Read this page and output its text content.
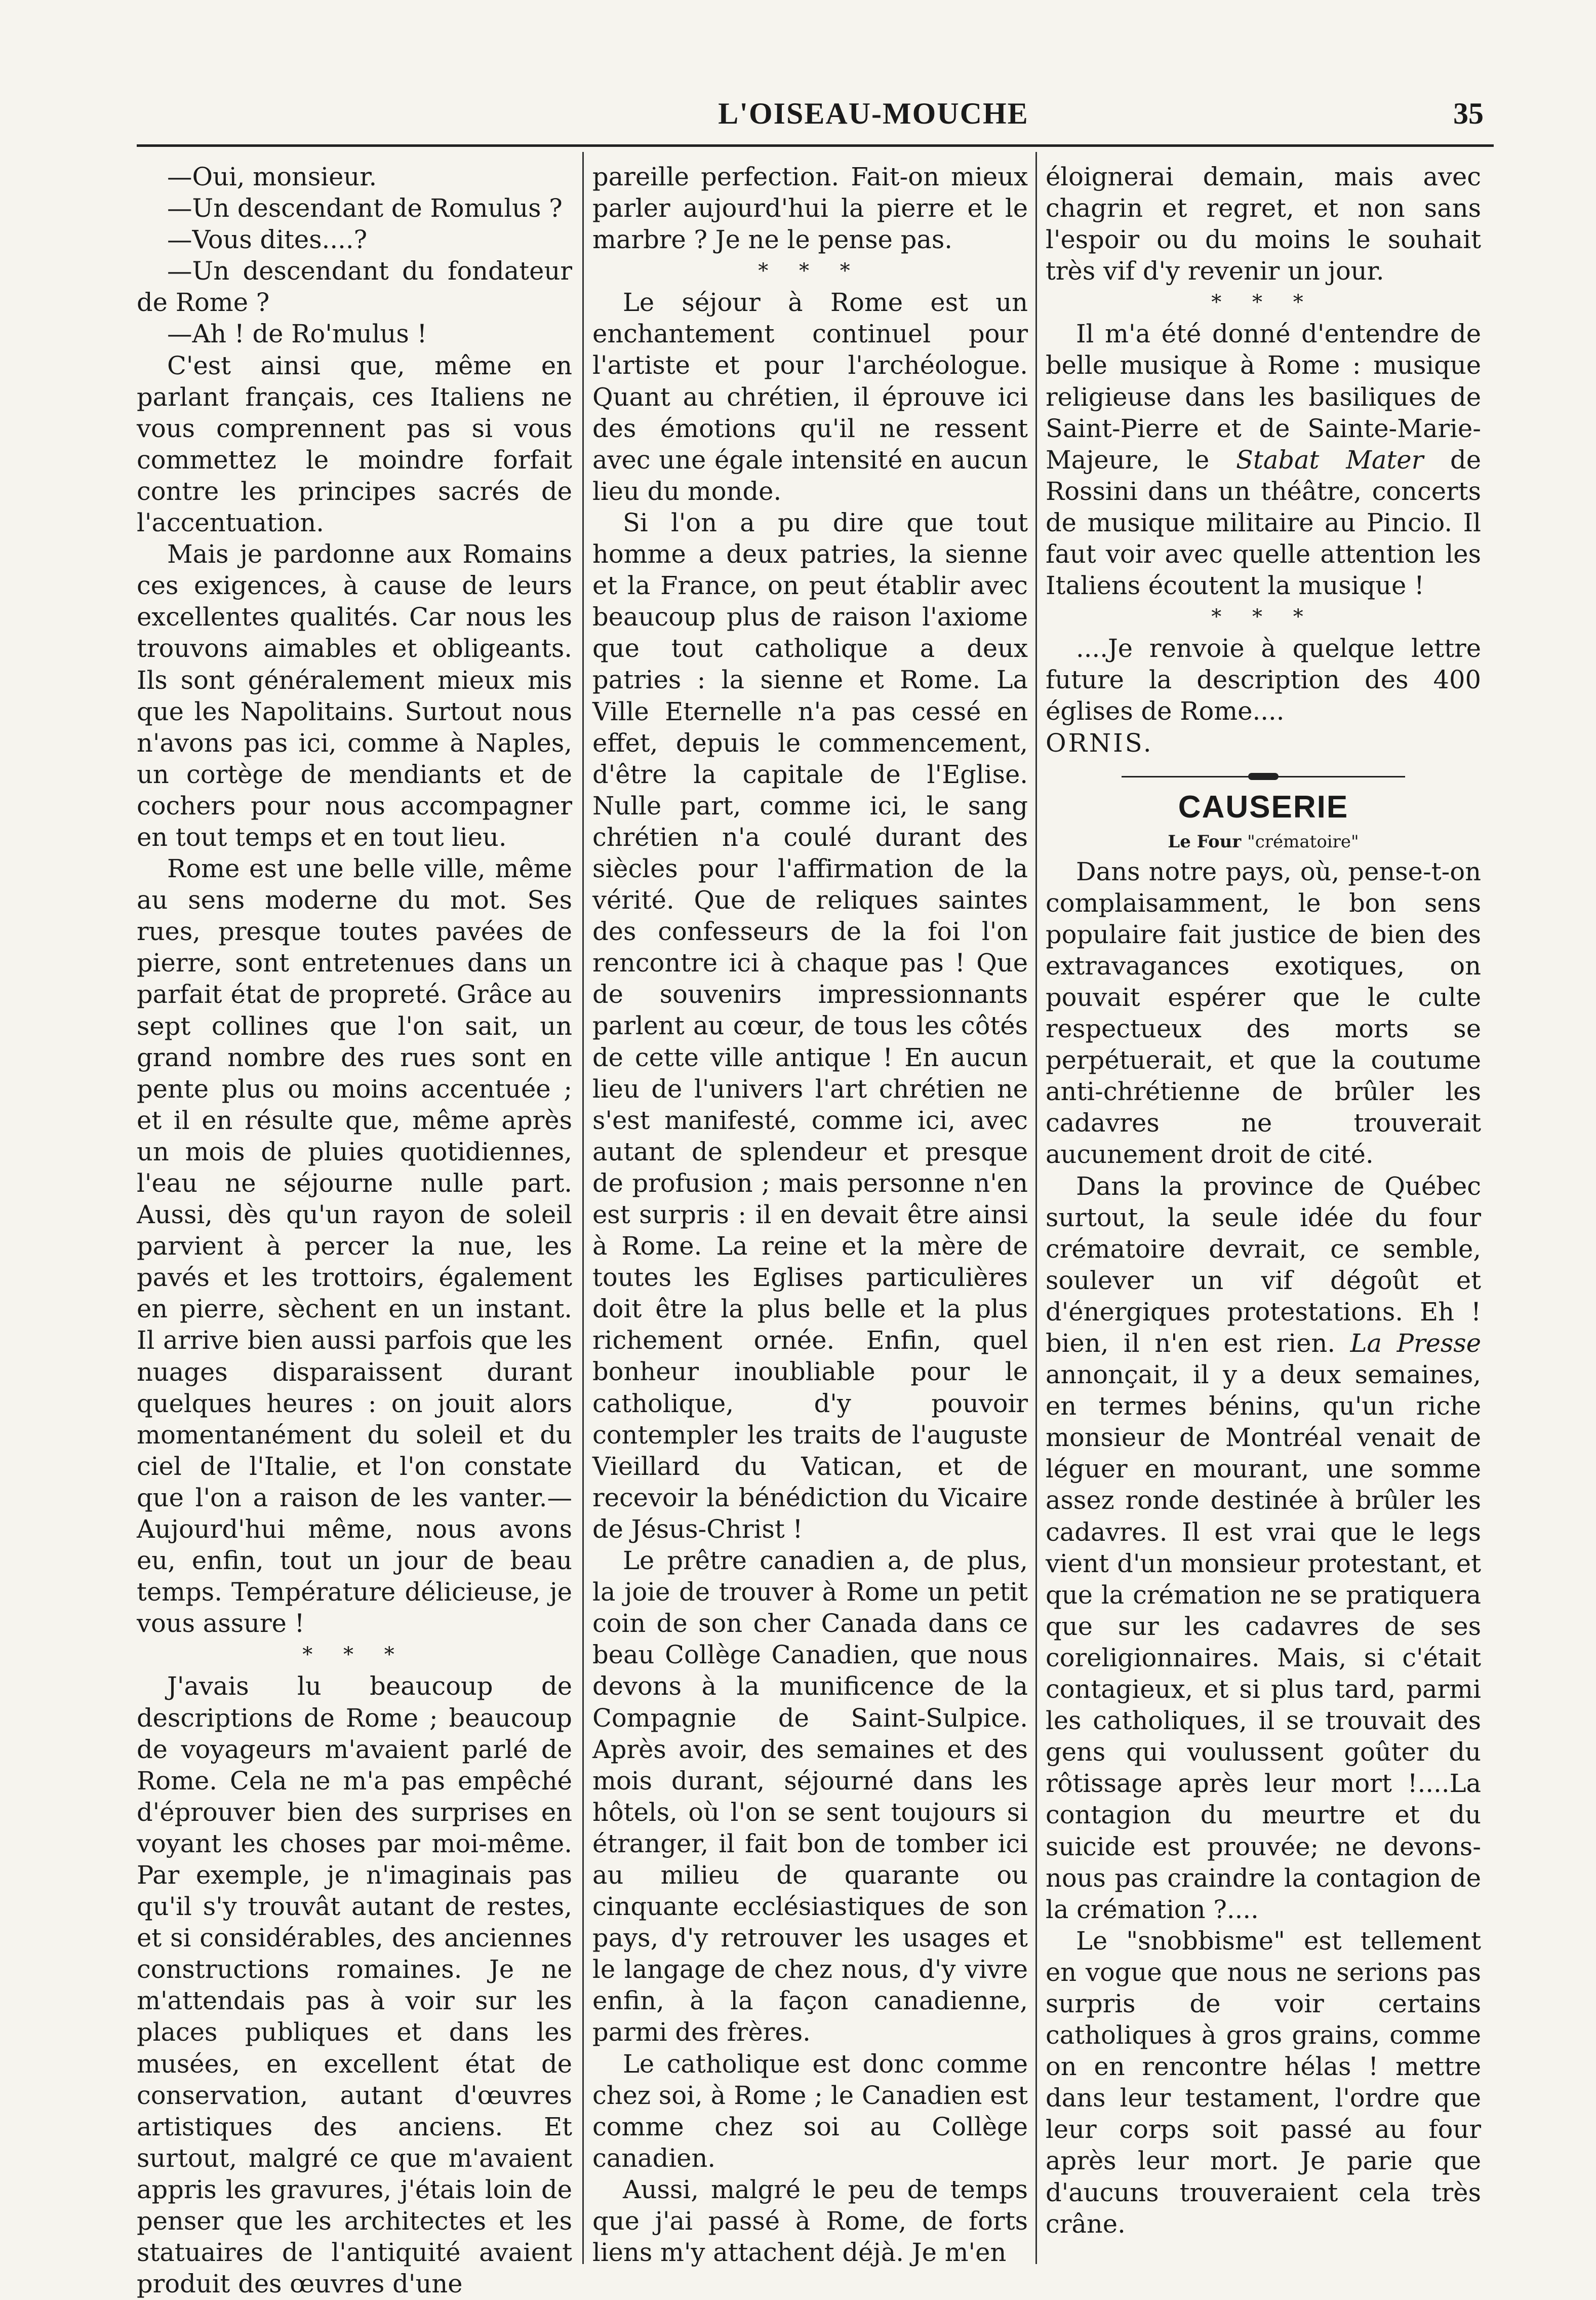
L'OISEAU-MOUCHE	35

—Oui, monsieur.

—Un descendant de Romulus ?

—Vous dites....?

—Un descendant du fondateur de Rome ?

—Ah ! de Ro'mulus !

C'est ainsi que, même en parlant français, ces Italiens ne vous comprennent pas si vous commettez le moindre forfait contre les principes sacrés de l'accentuation.

Mais je pardonne aux Romains ces exigences, à cause de leurs excellentes qualités. Car nous les trouvons aimables et obligeants. Ils sont généralement mieux mis que les Napolitains. Surtout nous n'avons pas ici, comme à Naples, un cortège de mendiants et de cochers pour nous accompagner en tout temps et en tout lieu.

Rome est une belle ville, même au sens moderne du mot. Ses rues, presque toutes pavées de pierre, sont entretenues dans un parfait état de propreté. Grâce au sept collines que l'on sait, un grand nombre des rues sont en pente plus ou moins accentuée ; et il en résulte que, même après un mois de pluies quotidiennes, l'eau ne séjourne nulle part. Aussi, dès qu'un rayon de soleil parvient à percer la nue, les pavés et les trottoirs, également en pierre, sèchent en un instant. Il arrive bien aussi parfois que les nuages disparaissent durant quelques heures : on jouit alors momentanément du soleil et du ciel de l'Italie, et l'on constate que l'on a raison de les vanter.—Aujourd'hui même, nous avons eu, enfin, tout un jour de beau temps. Température délicieuse, je vous assure !

* * *

J'avais lu beaucoup de descriptions de Rome ; beaucoup de voyageurs m'avaient parlé de Rome. Cela ne m'a pas empêché d'éprouver bien des surprises en voyant les choses par moi-même. Par exemple, je n'imaginais pas qu'il s'y trouvât autant de restes, et si considérables, des anciennes constructions romaines. Je ne m'attendais pas à voir sur les places publiques et dans les musées, en excellent état de conservation, autant d'œuvres artistiques des anciens. Et surtout, malgré ce que m'avaient appris les gravures, j'étais loin de penser que les architectes et les statuaires de l'antiquité avaient produit des œuvres d'une

pareille perfection. Fait-on mieux parler aujourd'hui la pierre et le marbre ? Je ne le pense pas.

* * *

Le séjour à Rome est un enchantement continuel pour l'artiste et pour l'archéologue. Quant au chrétien, il éprouve ici des émotions qu'il ne ressent avec une égale intensité en aucun lieu du monde.

Si l'on a pu dire que tout homme a deux patries, la sienne et la France, on peut établir avec beaucoup plus de raison l'axiome que tout catholique a deux patries : la sienne et Rome. La Ville Eternelle n'a pas cessé en effet, depuis le commencement, d'être la capitale de l'Eglise. Nulle part, comme ici, le sang chrétien n'a coulé durant des siècles pour l'affirmation de la vérité. Que de reliques saintes des confesseurs de la foi l'on rencontre ici à chaque pas ! Que de souvenirs impressionnants parlent au cœur, de tous les côtés de cette ville antique ! En aucun lieu de l'univers l'art chrétien ne s'est manifesté, comme ici, avec autant de splendeur et presque de profusion ; mais personne n'en est surpris : il en devait être ainsi à Rome. La reine et la mère de toutes les Eglises particulières doit être la plus belle et la plus richement ornée. Enfin, quel bonheur inoubliable pour le catholique, d'y pouvoir contempler les traits de l'auguste Vieillard du Vatican, et de recevoir la bénédiction du Vicaire de Jésus-Christ !

Le prêtre canadien a, de plus, la joie de trouver à Rome un petit coin de son cher Canada dans ce beau Collège Canadien, que nous devons à la munificence de la Compagnie de Saint-Sulpice. Après avoir, des semaines et des mois durant, séjourné dans les hôtels, où l'on se sent toujours si étranger, il fait bon de tomber ici au milieu de quarante ou cinquante ecclésiastiques de son pays, d'y retrouver les usages et le langage de chez nous, d'y vivre enfin, à la façon canadienne, parmi des frères.

Le catholique est donc comme chez soi, à Rome ; le Canadien est comme chez soi au Collège canadien.

Aussi, malgré le peu de temps que j'ai passé à Rome, de forts liens m'y attachent déjà. Je m'en

éloignerai demain, mais avec chagrin et regret, et non sans l'espoir ou du moins le souhait très vif d'y revenir un jour.

* * *

Il m'a été donné d'entendre de belle musique à Rome : musique religieuse dans les basiliques de Saint-Pierre et de Sainte-Marie-Majeure, le Stabat Mater de Rossini dans un théâtre, concerts de musique militaire au Pincio. Il faut voir avec quelle attention les Italiens écoutent la musique !

* * *

....Je renvoie à quelque lettre future la description des 400 églises de Rome....

ORNIS.

CAUSERIE
Le Four "crématoire"

Dans notre pays, où, pense-t-on complaisamment, le bon sens populaire fait justice de bien des extravagances exotiques, on pouvait espérer que le culte respectueux des morts se perpétuerait, et que la coutume anti-chrétienne de brûler les cadavres ne trouverait aucunement droit de cité.

Dans la province de Québec surtout, la seule idée du four crématoire devrait, ce semble, soulever un vif dégoût et d'énergiques protestations. Eh ! bien, il n'en est rien. La Presse annonçait, il y a deux semaines, en termes bénins, qu'un riche monsieur de Montréal venait de léguer en mourant, une somme assez ronde destinée à brûler les cadavres. Il est vrai que le legs vient d'un monsieur protestant, et que la crémation ne se pratiquera que sur les cadavres de ses coreligionnaires. Mais, si c'était contagieux, et si plus tard, parmi les catholiques, il se trouvait des gens qui voulussent goûter du rôtissage après leur mort !....La contagion du meurtre et du suicide est prouvée; ne devons-nous pas craindre la contagion de la crémation ?....

Le "snobbisme" est tellement en vogue que nous ne serions pas surpris de voir certains catholiques à gros grains, comme on en rencontre hélas ! mettre dans leur testament, l'ordre que leur corps soit passé au four après leur mort. Je parie que d'aucuns trouveraient cela très crâne.
